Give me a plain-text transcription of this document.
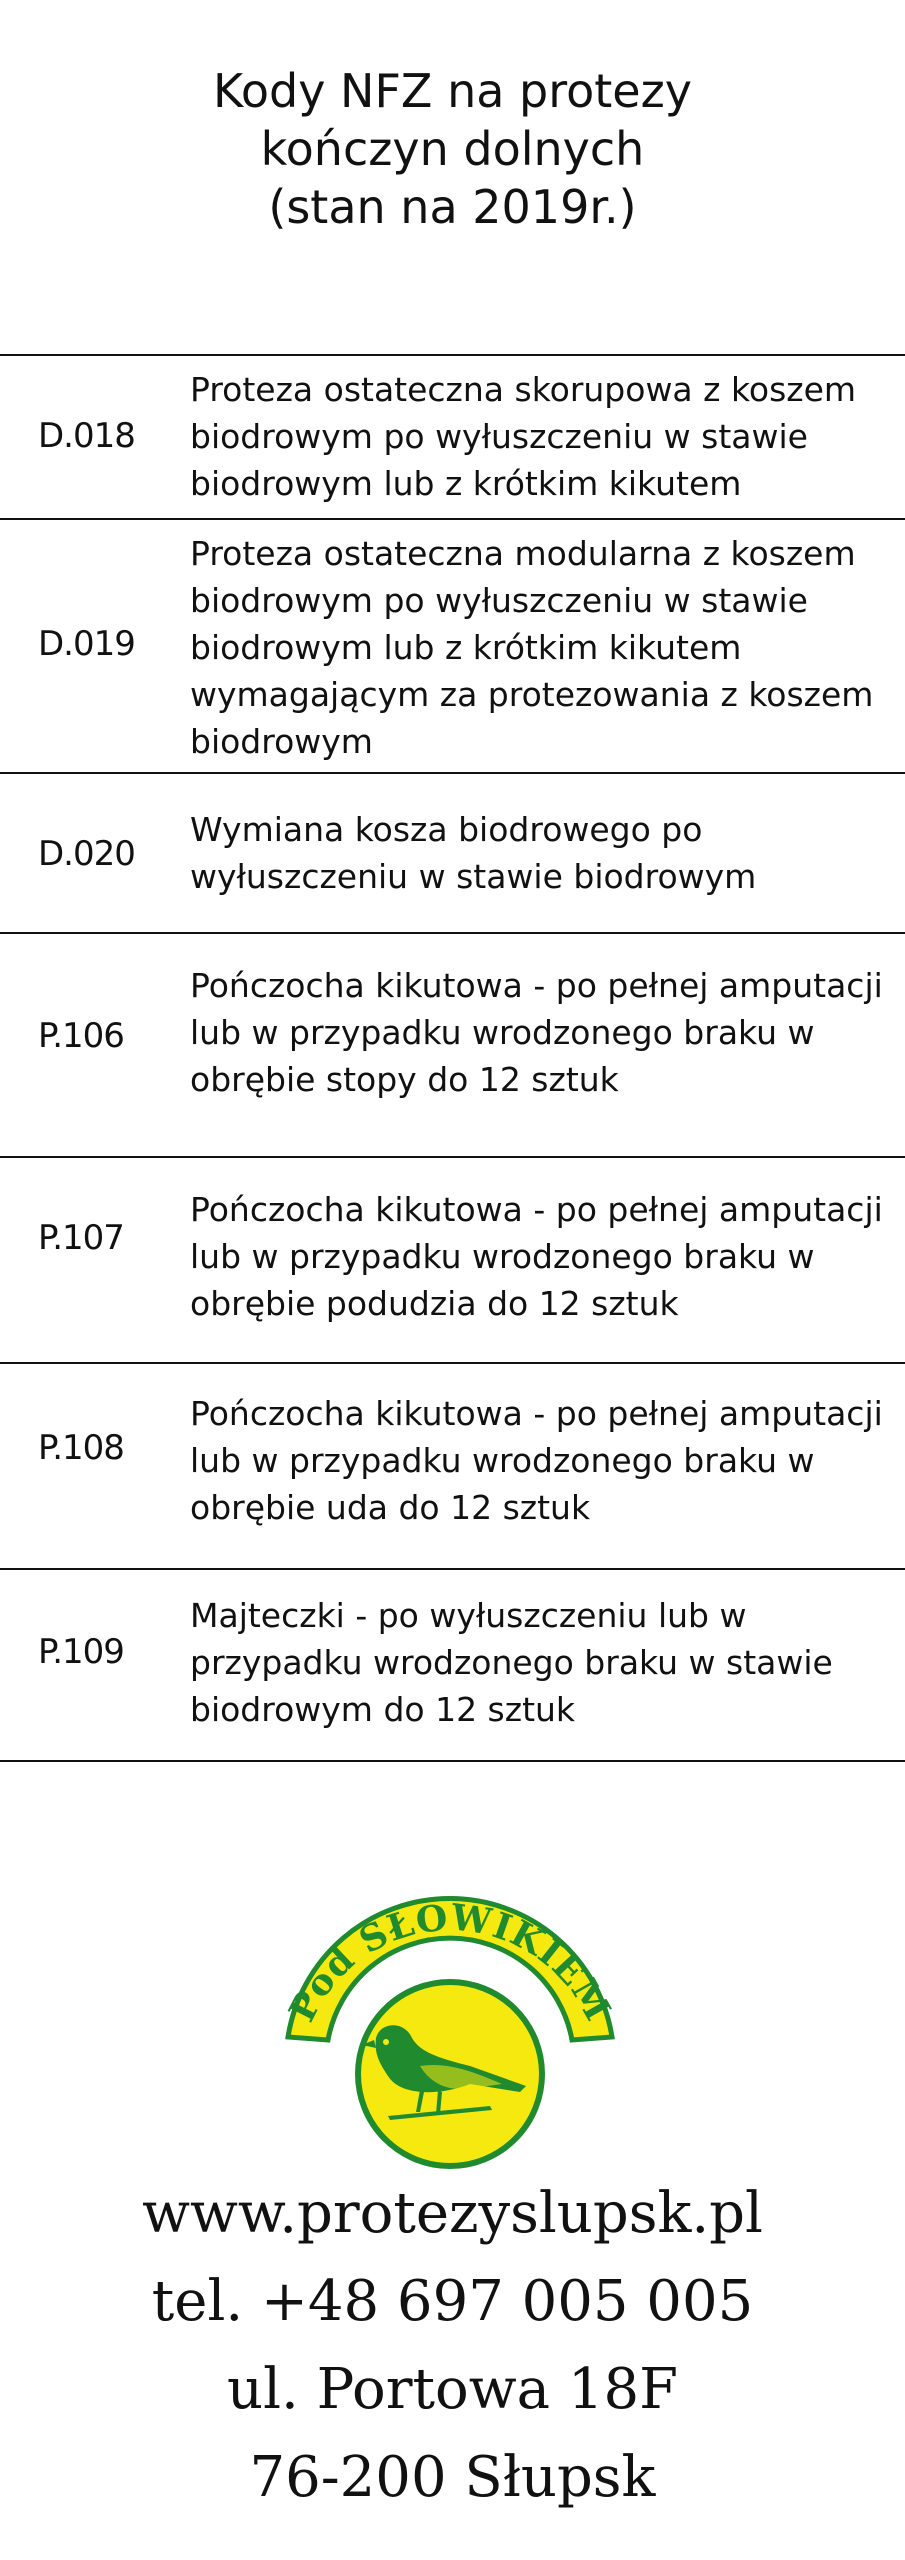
Kody NFZ na protezy
kończyn dolnych
(stan na 2019r.)
D.018
Proteza ostateczna skorupowa z koszem
biodrowym po wyłuszczeniu w stawie
biodrowym lub z krótkim kikutem
D.019
Proteza ostateczna modularna z koszem
biodrowym po wyłuszczeniu w stawie
biodrowym lub z krótkim kikutem
wymagającym za protezowania z koszem
biodrowym
D.020
Wymiana kosza biodrowego po
wyłuszczeniu w stawie biodrowym
P.106
Pończocha kikutowa - po pełnej amputacji
lub w przypadku wrodzonego braku w
obrębie stopy do 12 sztuk
P.107
Pończocha kikutowa - po pełnej amputacji
lub w przypadku wrodzonego braku w
obrębie podudzia do 12 sztuk
P.108
Pończocha kikutowa - po pełnej amputacji
lub w przypadku wrodzonego braku w
obrębie uda do 12 sztuk
P.109
Majteczki - po wyłuszczeniu lub w
przypadku wrodzonego braku w stawie
biodrowym do 12 sztuk
Pod SŁOWIKIEM
www.protezyslupsk.pl
tel. +48 697 005 005
ul. Portowa 18F
76-200 Słupsk
